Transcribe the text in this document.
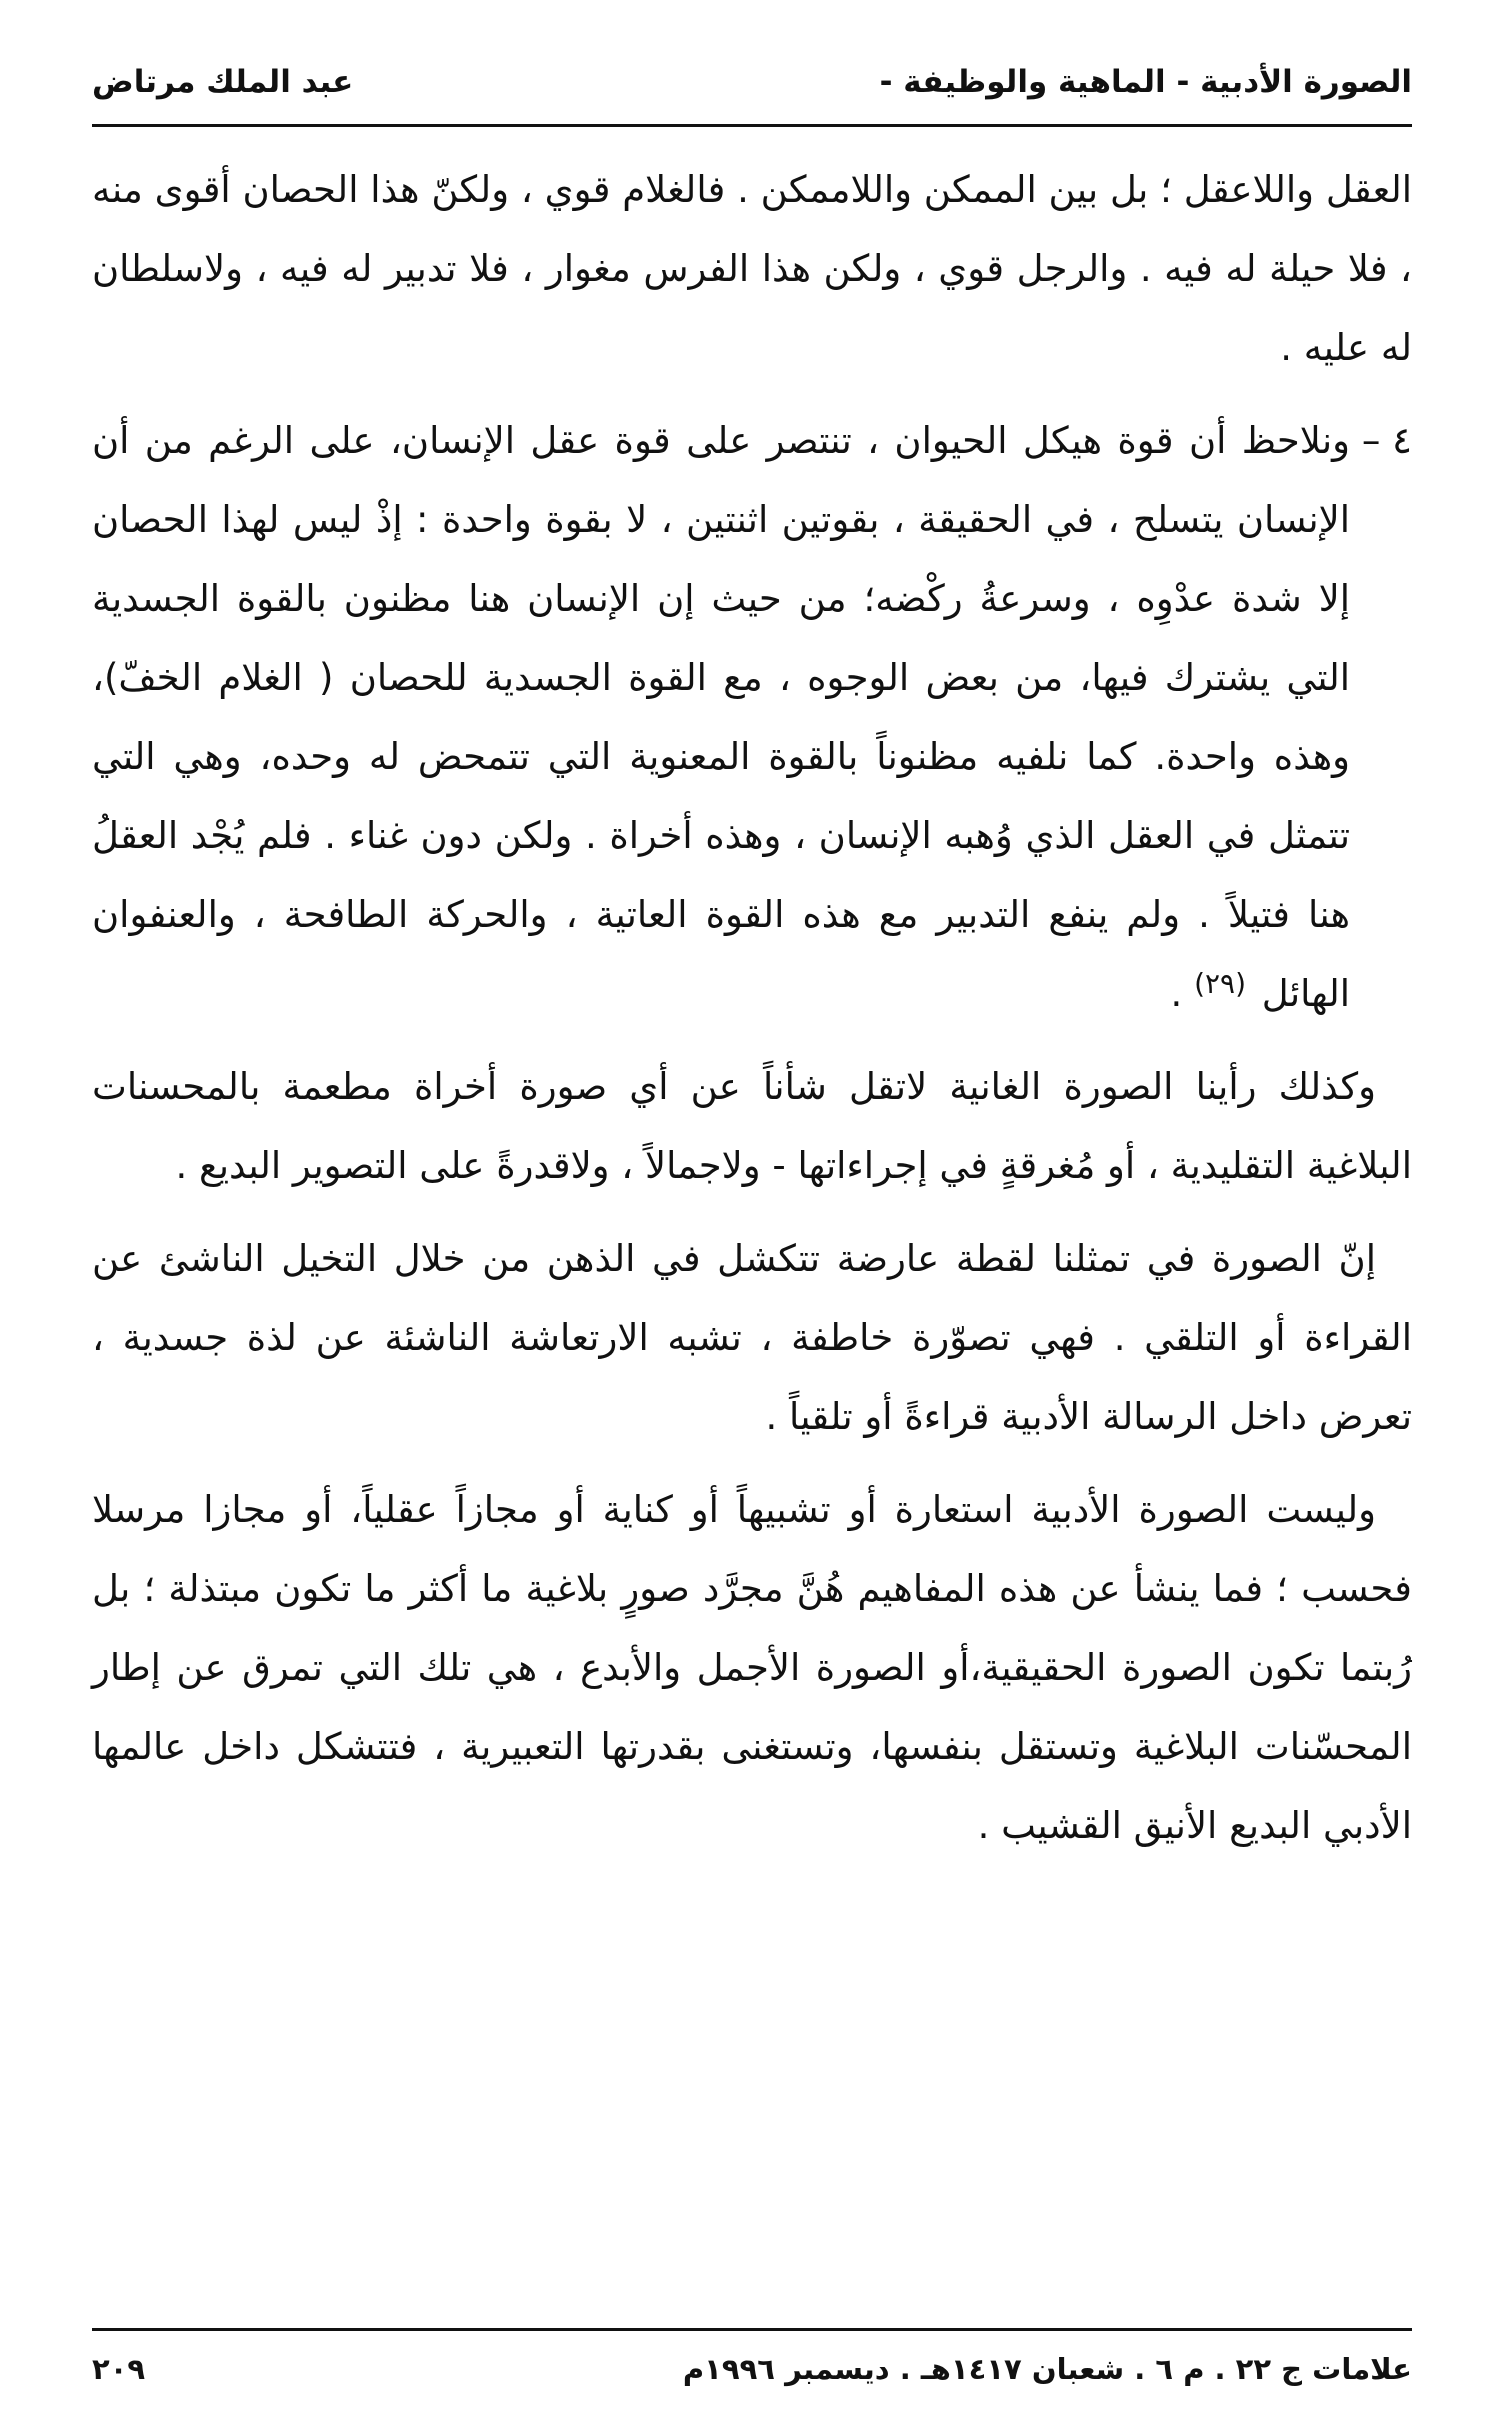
الصورة الأدبية - الماهية والوظيفة -
عبد الملك مرتاض

العقل واللاعقل ؛ بل بين الممكن واللاممكن . فالغلام قوي ، ولكنّ هذا الحصان أقوى منه ، فلا حيلة له فيه . والرجل قوي ، ولكن هذا الفرس مغوار ، فلا تدبير له فيه ، ولاسلطان له عليه .

٤ –
ونلاحظ أن قوة هيكل الحيوان ، تنتصر على قوة عقل الإنسان، على الرغم من أن الإنسان يتسلح ، في الحقيقة ، بقوتين اثنتين ، لا بقوة واحدة : إذْ ليس لهذا الحصان إلا شدة عدْوِه ، وسرعةُ ركْضه؛ من حيث إن الإنسان هنا مظنون بالقوة الجسدية التي يشترك فيها، من بعض الوجوه ، مع القوة الجسدية للحصان ( الغلام الخفّ)، وهذه واحدة. كما نلفيه مظنوناً بالقوة المعنوية التي تتمحض له وحده، وهي التي تتمثل في العقل الذي وُهبه الإنسان ، وهذه أخراة . ولكن دون غناء . فلم يُجْد العقلُ هنا فتيلاً . ولم ينفع التدبير مع هذه القوة العاتية ، والحركة الطافحة ، والعنفوان الهائل $^{(٢٩)}$ .

وكذلك رأينا الصورة الغانية لاتقل شأناً عن أي صورة أخراة مطعمة بالمحسنات البلاغية التقليدية ، أو مُغرقةٍ في إجراءاتها - ولاجمالاً ، ولاقدرةً على التصوير البديع .

إنّ الصورة في تمثلنا لقطة عارضة تتكشل في الذهن من خلال التخيل الناشئ عن القراءة أو التلقي . فهي تصوّرة خاطفة ، تشبه الارتعاشة الناشئة عن لذة جسدية ، تعرض داخل الرسالة الأدبية قراءةً أو تلقياً .

وليست الصورة الأدبية استعارة أو تشبيهاً أو كناية أو مجازاً عقلياً، أو مجازا مرسلا فحسب ؛ فما ينشأ عن هذه المفاهيم هُنَّ مجرَّد صورٍ بلاغية ما أكثر ما تكون مبتذلة ؛ بل رُبتما تكون الصورة الحقيقية،أو الصورة الأجمل والأبدع ، هي تلك التي تمرق عن إطار المحسّنات البلاغية وتستقل بنفسها، وتستغنى بقدرتها التعبيرية ، فتتشكل داخل عالمها الأدبي البديع الأنيق القشيب .

علامات ج ٢٢ . م ٦ . شعبان ١٤١٧هـ . ديسمبر ١٩٩٦م
٢٠٩
